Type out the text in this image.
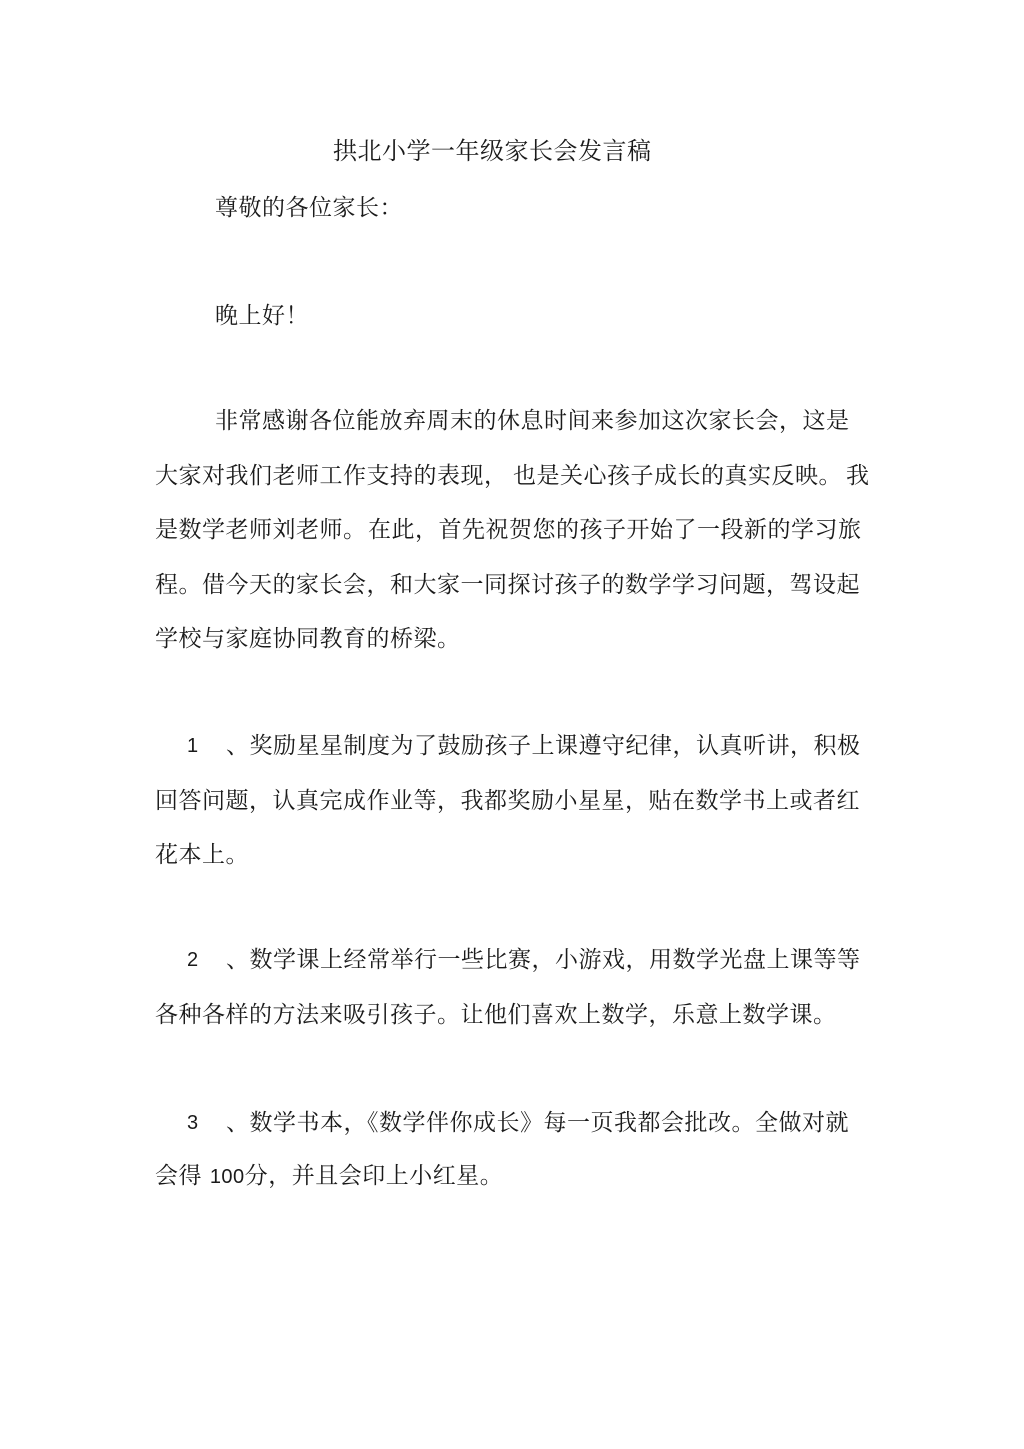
拱北小学一年级家长会发言稿
尊敬的各位家长：
晚上好！
非常感谢各位能放弃周末的休息时间来参加这次家长会，这是
大家对我们老师工作支持的表现， 也是关心孩子成长的真实反映。 我
是数学老师刘老师。 在此，首先祝贺您的孩子开始了一段新的学习旅
程。借今天的家长会，和大家一同探讨孩子的数学学习问题，驾设起
学校与家庭协同教育的桥梁。
1 、奖励星星制度为了鼓励孩子上课遵守纪律，认真听讲，积极
回答问题，认真完成作业等，我都奖励小星星，贴在数学书上或者红
花本上。
2 、数学课上经常举行一些比赛，小游戏，用数学光盘上课等等
各种各样的方法来吸引孩子。让他们喜欢上数学，乐意上数学课。
3 、数学书本，《数学伴你成长》每一页我都会批改。全做对就
会得 100分，并且会印上小红星。
